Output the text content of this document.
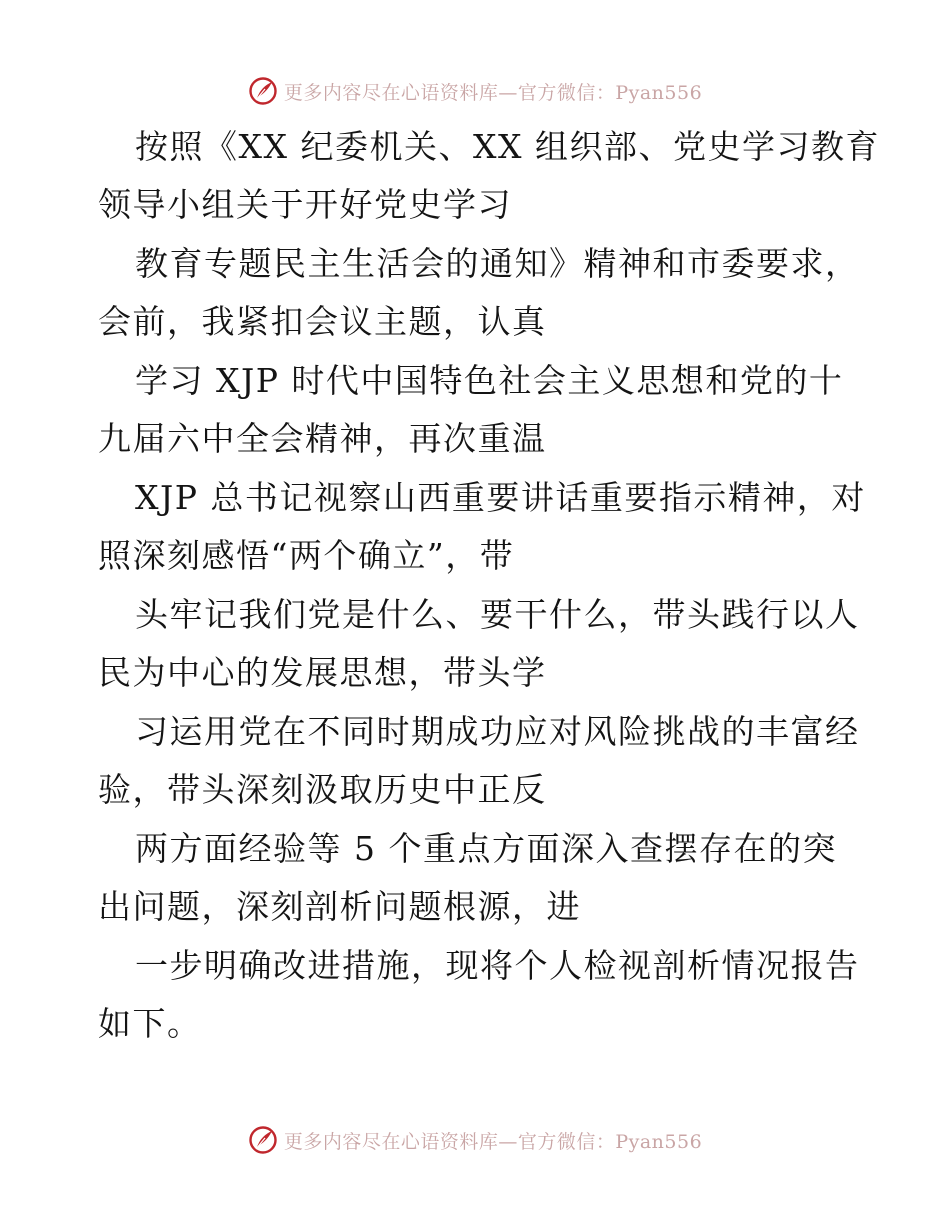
更多内容尽在心语资料库—官方微信：Pyan556
按照《XX 纪委机关、XX 组织部、党史学习教育
领导小组关于开好党史学习
教育专题民主生活会的通知》精神和市委要求，
会前，我紧扣会议主题，认真
学习 XJP 时代中国特色社会主义思想和党的十
九届六中全会精神，再次重温
XJP 总书记视察山西重要讲话重要指示精神，对
照深刻感悟“两个确立”，带
头牢记我们党是什么、要干什么，带头践行以人
民为中心的发展思想，带头学
习运用党在不同时期成功应对风险挑战的丰富经
验，带头深刻汲取历史中正反
两方面经验等 5 个重点方面深入查摆存在的突
出问题，深刻剖析问题根源，进
一步明确改进措施，现将个人检视剖析情况报告
如下。
更多内容尽在心语资料库—官方微信：Pyan556
